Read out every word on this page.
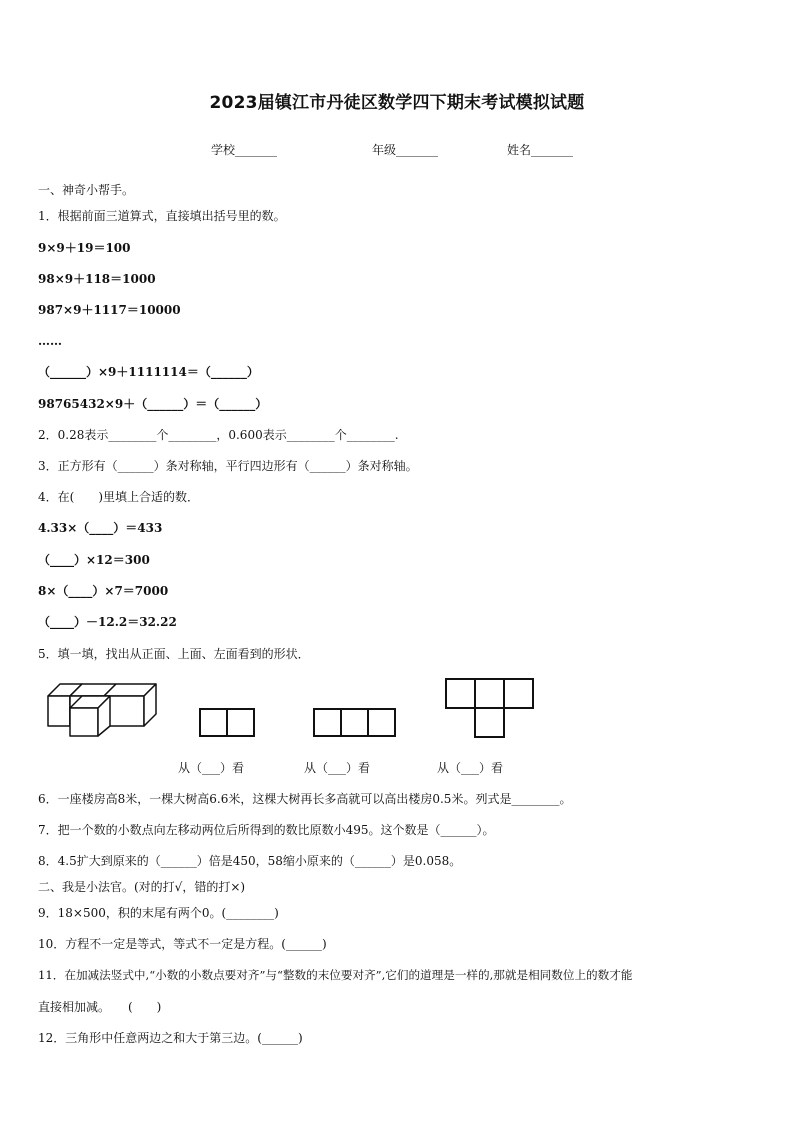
2023届镇江市丹徒区数学四下期末考试模拟试题
学校_______	年级_______	姓名_______
一、神奇小帮手。
1．根据前面三道算式，直接填出括号里的数。
9×9＋19＝100
98×9＋118＝1000
987×9＋1117＝10000
……
（______）×9＋1111114＝（______）
98765432×9＋（______）＝（______）
2．0.28表示________个________，0.600表示________个________.
3．正方形有（______）条对称轴，平行四边形有（______）条对称轴。
4．在(　　)里填上合适的数．
4.33×（____）＝433
（____）×12＝300
8×（____）×7＝7000
（____）－12.2＝32.22
5．填一填，找出从正面、上面、左面看到的形状．
从（___）看	从（___）看	从（___）看
6．一座楼房高8米，一棵大树高6.6米，这棵大树再长多高就可以高出楼房0.5米。列式是________。
7．把一个数的小数点向左移动两位后所得到的数比原数小495。这个数是（______）。
8．4.5扩大到原来的（______）倍是450，58缩小原来的（______）是0.058。
二、我是小法官。(对的打√，错的打×)
9．18×500，积的末尾有两个0。(________)
10．方程不一定是等式，等式不一定是方程。(______)
11．在加减法竖式中,“小数的小数点要对齐”与“整数的末位要对齐”,它们的道理是一样的,那就是相同数位上的数才能
直接相加减。　　(　　)
12．三角形中任意两边之和大于第三边。(______)
